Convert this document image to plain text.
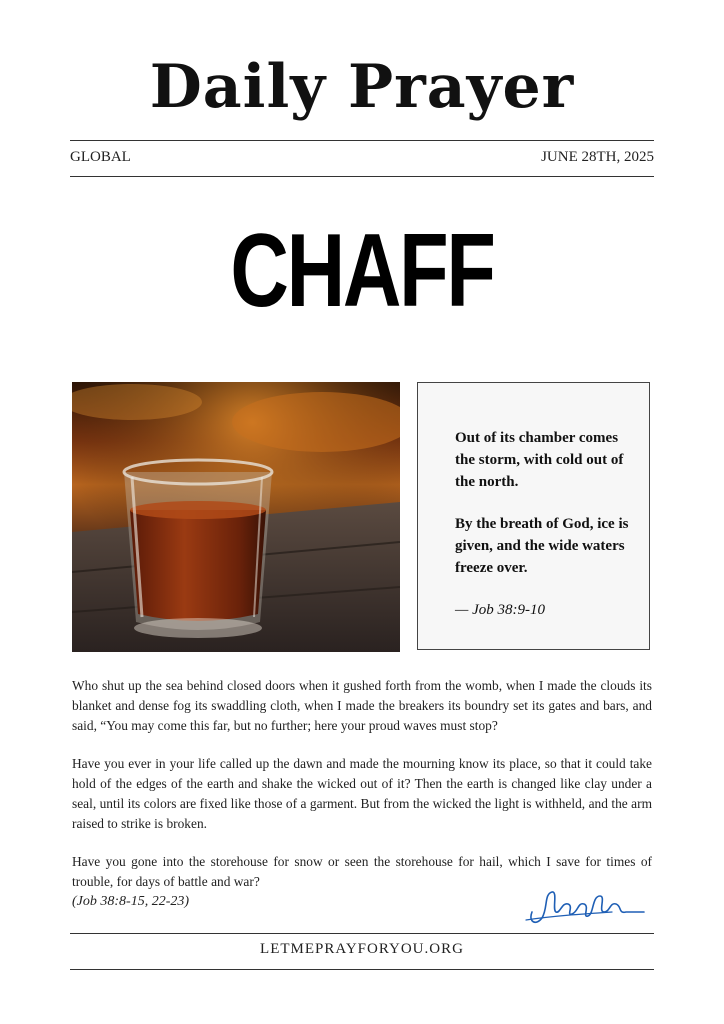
Daily Prayer
GLOBAL	JUNE 28TH, 2025
CHAFF

Out of its chamber comes the storm, with cold out of the north.

By the breath of God, ice is given, and the wide waters freeze over.

— Job 38:9-10

Who shut up the sea behind closed doors when it gushed forth from the womb, when I made the clouds its blanket and dense fog its swaddling cloth, when I made the breakers its boundry set its gates and bars, and said, “You may come this far, but no further; here your proud waves must stop?

Have you ever in your life called up the dawn and made the mourning know its place, so that it could take hold of the edges of the earth and shake the wicked out of it? Then the earth is changed like clay under a seal, until its colors are fixed like those of a garment. But from the wicked the light is withheld, and the arm raised to strike is broken.

Have you gone into the storehouse for snow or seen the storehouse for hail, which I save for times of trouble, for days of battle and war?

(Job 38:8-15, 22-23)
LETMEPRAYFORYOU.ORG
